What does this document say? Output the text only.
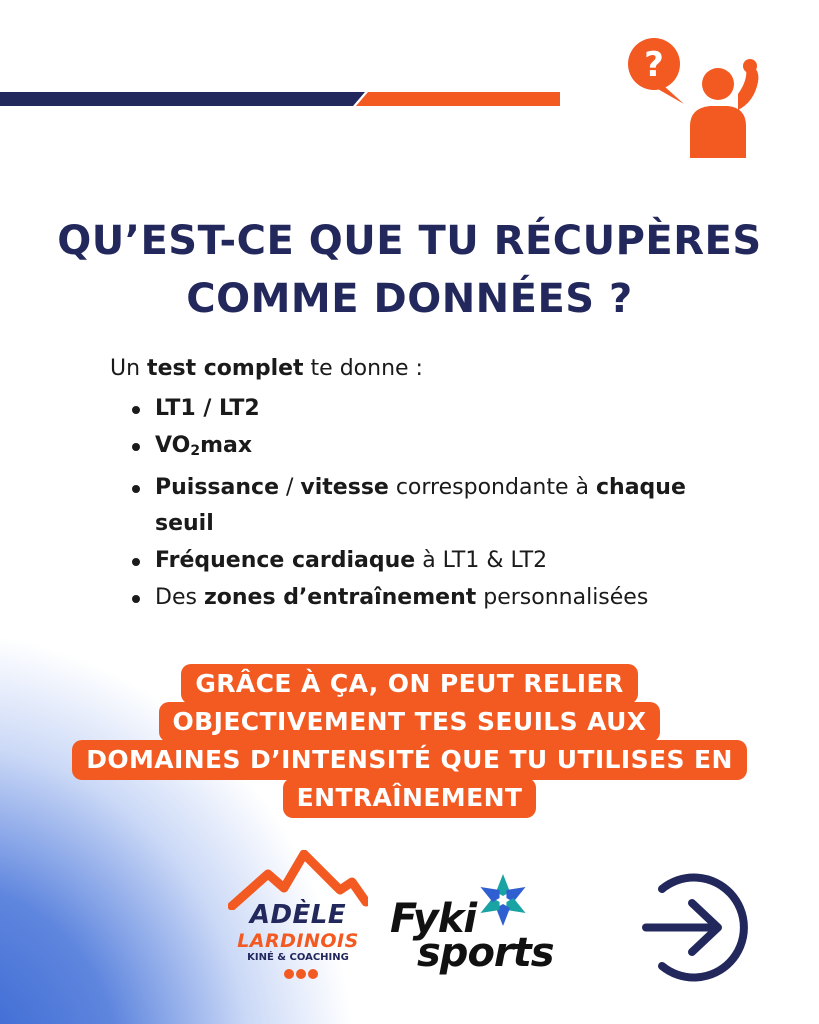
?
QU’EST-CE QUE TU RÉCUPÈRES
COMME DONNÉES ?
Un test complet te donne :
LT1 / LT2
$VO_2\max$
Puissance / vitesse correspondante à chaque seuil
Fréquence cardiaque à LT1 & LT2
Des zones d’entraînement personnalisées
GRÂCE À ÇA, ON PEUT RELIER
OBJECTIVEMENT TES SEUILS AUX
DOMAINES D’INTENSITÉ QUE TU UTILISES EN
ENTRAÎNEMENT
ADÈLE
LARDINOIS
KINÉ & COACHING
Fyki
sports
